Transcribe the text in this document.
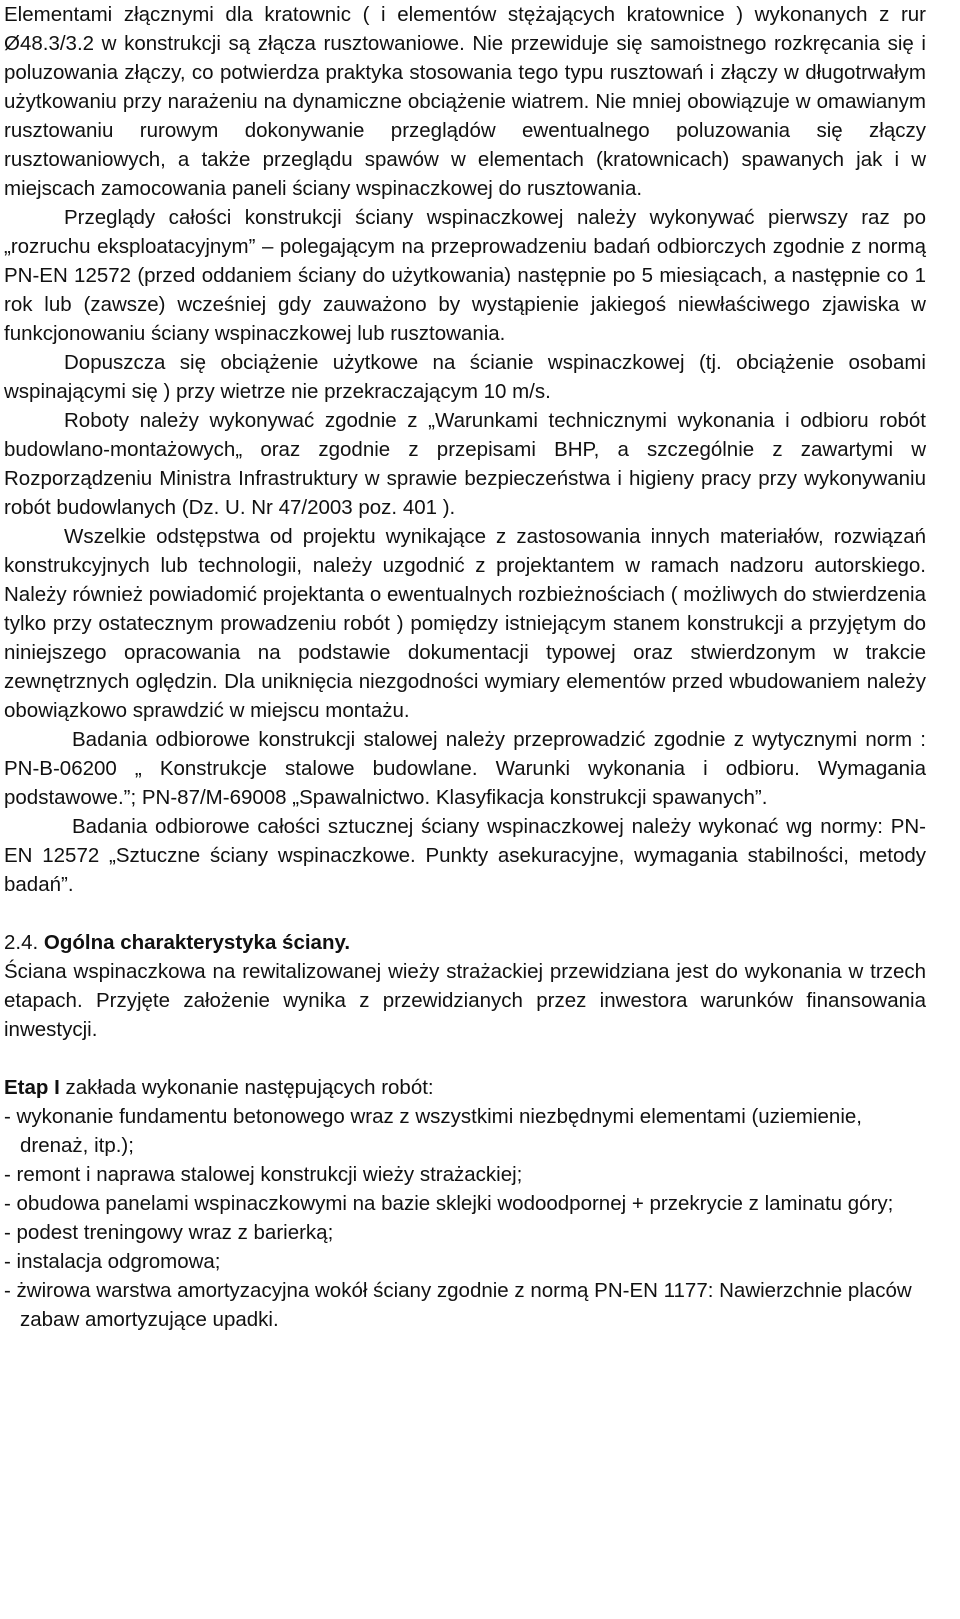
Elementami złącznymi dla kratownic ( i elementów stężających kratownice ) wykonanych z rur Ø48.3/3.2 w konstrukcji są złącza rusztowaniowe. Nie przewiduje się samoistnego rozkręcania się i poluzowania złączy, co potwierdza praktyka stosowania tego typu rusztowań i złączy w długotrwałym użytkowaniu przy narażeniu na dynamiczne obciążenie wiatrem. Nie mniej obowiązuje w omawianym rusztowaniu rurowym dokonywanie przeglądów ewentualnego poluzowania się złączy rusztowaniowych, a także przeglądu spawów w elementach (kratownicach) spawanych jak i w miejscach zamocowania paneli ściany wspinaczkowej do rusztowania.

Przeglądy całości konstrukcji ściany wspinaczkowej należy wykonywać pierwszy raz po „rozruchu eksploatacyjnym” – polegającym na przeprowadzeniu badań odbiorczych zgodnie z normą PN-EN 12572 (przed oddaniem ściany do użytkowania) następnie po 5 miesiącach, a następnie co 1 rok lub (zawsze) wcześniej gdy zauważono by wystąpienie jakiegoś niewłaściwego zjawiska w funkcjonowaniu ściany wspinaczkowej lub rusztowania.

Dopuszcza się obciążenie użytkowe na ścianie wspinaczkowej (tj. obciążenie osobami wspinającymi się ) przy wietrze nie przekraczającym 10 m/s.

Roboty należy wykonywać zgodnie z „Warunkami technicznymi wykonania i odbioru robót budowlano-montażowych„ oraz zgodnie z przepisami BHP, a szczególnie z zawartymi w Rozporządzeniu Ministra Infrastruktury w sprawie bezpieczeństwa i higieny pracy przy wykonywaniu robót budowlanych (Dz. U. Nr 47/2003 poz. 401 ).

Wszelkie odstępstwa od projektu wynikające z zastosowania innych materiałów, rozwiązań konstrukcyjnych lub technologii, należy uzgodnić z projektantem w ramach nadzoru autorskiego. Należy również powiadomić projektanta o ewentualnych rozbieżnościach ( możliwych do stwierdzenia tylko przy ostatecznym prowadzeniu robót ) pomiędzy istniejącym stanem konstrukcji a przyjętym do niniejszego opracowania na podstawie dokumentacji typowej oraz stwierdzonym w trakcie zewnętrznych oględzin. Dla uniknięcia niezgodności wymiary elementów przed wbudowaniem należy obowiązkowo sprawdzić w miejscu montażu.

Badania odbiorowe konstrukcji stalowej należy przeprowadzić zgodnie z wytycznymi norm : PN-B-06200 „ Konstrukcje stalowe budowlane. Warunki wykonania i odbioru. Wymagania podstawowe.”; PN-87/M-69008 „Spawalnictwo. Klasyfikacja konstrukcji spawanych”.

Badania odbiorowe całości sztucznej ściany wspinaczkowej należy wykonać wg normy: PN-EN 12572 „Sztuczne ściany wspinaczkowe. Punkty asekuracyjne, wymagania stabilności, metody badań”.

2.4. Ogólna charakterystyka ściany.

Ściana wspinaczkowa na rewitalizowanej wieży strażackiej przewidziana jest do wykonania w trzech etapach. Przyjęte założenie wynika z przewidzianych przez inwestora warunków finansowania inwestycji.

Etap I zakłada wykonanie następujących robót:

- wykonanie fundamentu betonowego wraz z wszystkimi niezbędnymi elementami (uziemienie, drenaż, itp.);
- remont i naprawa stalowej konstrukcji wieży strażackiej;
- obudowa panelami wspinaczkowymi na bazie sklejki wodoodpornej + przekrycie z laminatu góry;
- podest treningowy wraz z barierką;
- instalacja odgromowa;
- żwirowa warstwa amortyzacyjna wokół ściany zgodnie z normą PN-EN 1177: Nawierzchnie placów zabaw amortyzujące upadki.
